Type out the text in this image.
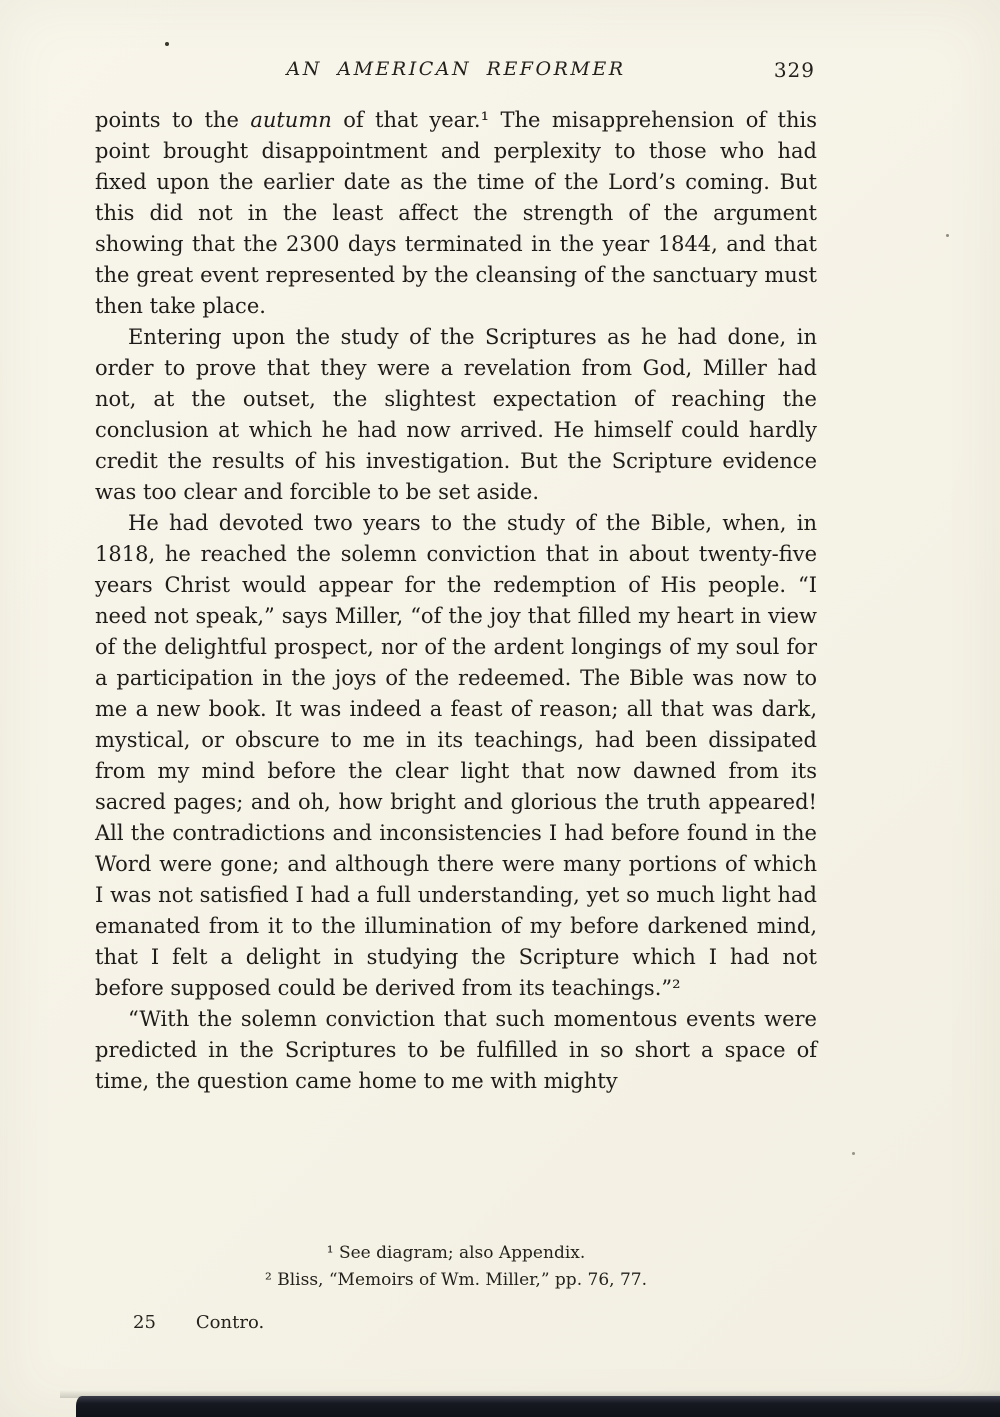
AN AMERICAN REFORMER	329

points to the autumn of that year.¹ The misapprehension of this point brought disappointment and perplexity to those who had fixed upon the earlier date as the time of the Lord’s coming. But this did not in the least affect the strength of the argument showing that the 2300 days terminated in the year 1844, and that the great event represented by the cleansing of the sanctuary must then take place.

Entering upon the study of the Scriptures as he had done, in order to prove that they were a revelation from God, Miller had not, at the outset, the slightest expectation of reaching the conclusion at which he had now arrived. He himself could hardly credit the results of his investigation. But the Scripture evidence was too clear and forcible to be set aside.

He had devoted two years to the study of the Bible, when, in 1818, he reached the solemn conviction that in about twenty-five years Christ would appear for the redemption of His people. “I need not speak,” says Miller, “of the joy that filled my heart in view of the delightful prospect, nor of the ardent longings of my soul for a participation in the joys of the redeemed. The Bible was now to me a new book. It was indeed a feast of reason; all that was dark, mystical, or obscure to me in its teachings, had been dissipated from my mind before the clear light that now dawned from its sacred pages; and oh, how bright and glorious the truth appeared! All the contradictions and inconsistencies I had before found in the Word were gone; and although there were many portions of which I was not satisfied I had a full understanding, yet so much light had emanated from it to the illumination of my before darkened mind, that I felt a delight in studying the Scripture which I had not before supposed could be derived from its teachings.”²

“With the solemn conviction that such momentous events were predicted in the Scriptures to be fulfilled in so short a space of time, the question came home to me with mighty

¹ See diagram; also Appendix.

² Bliss, “Memoirs of Wm. Miller,” pp. 76, 77.

25 Contro.
